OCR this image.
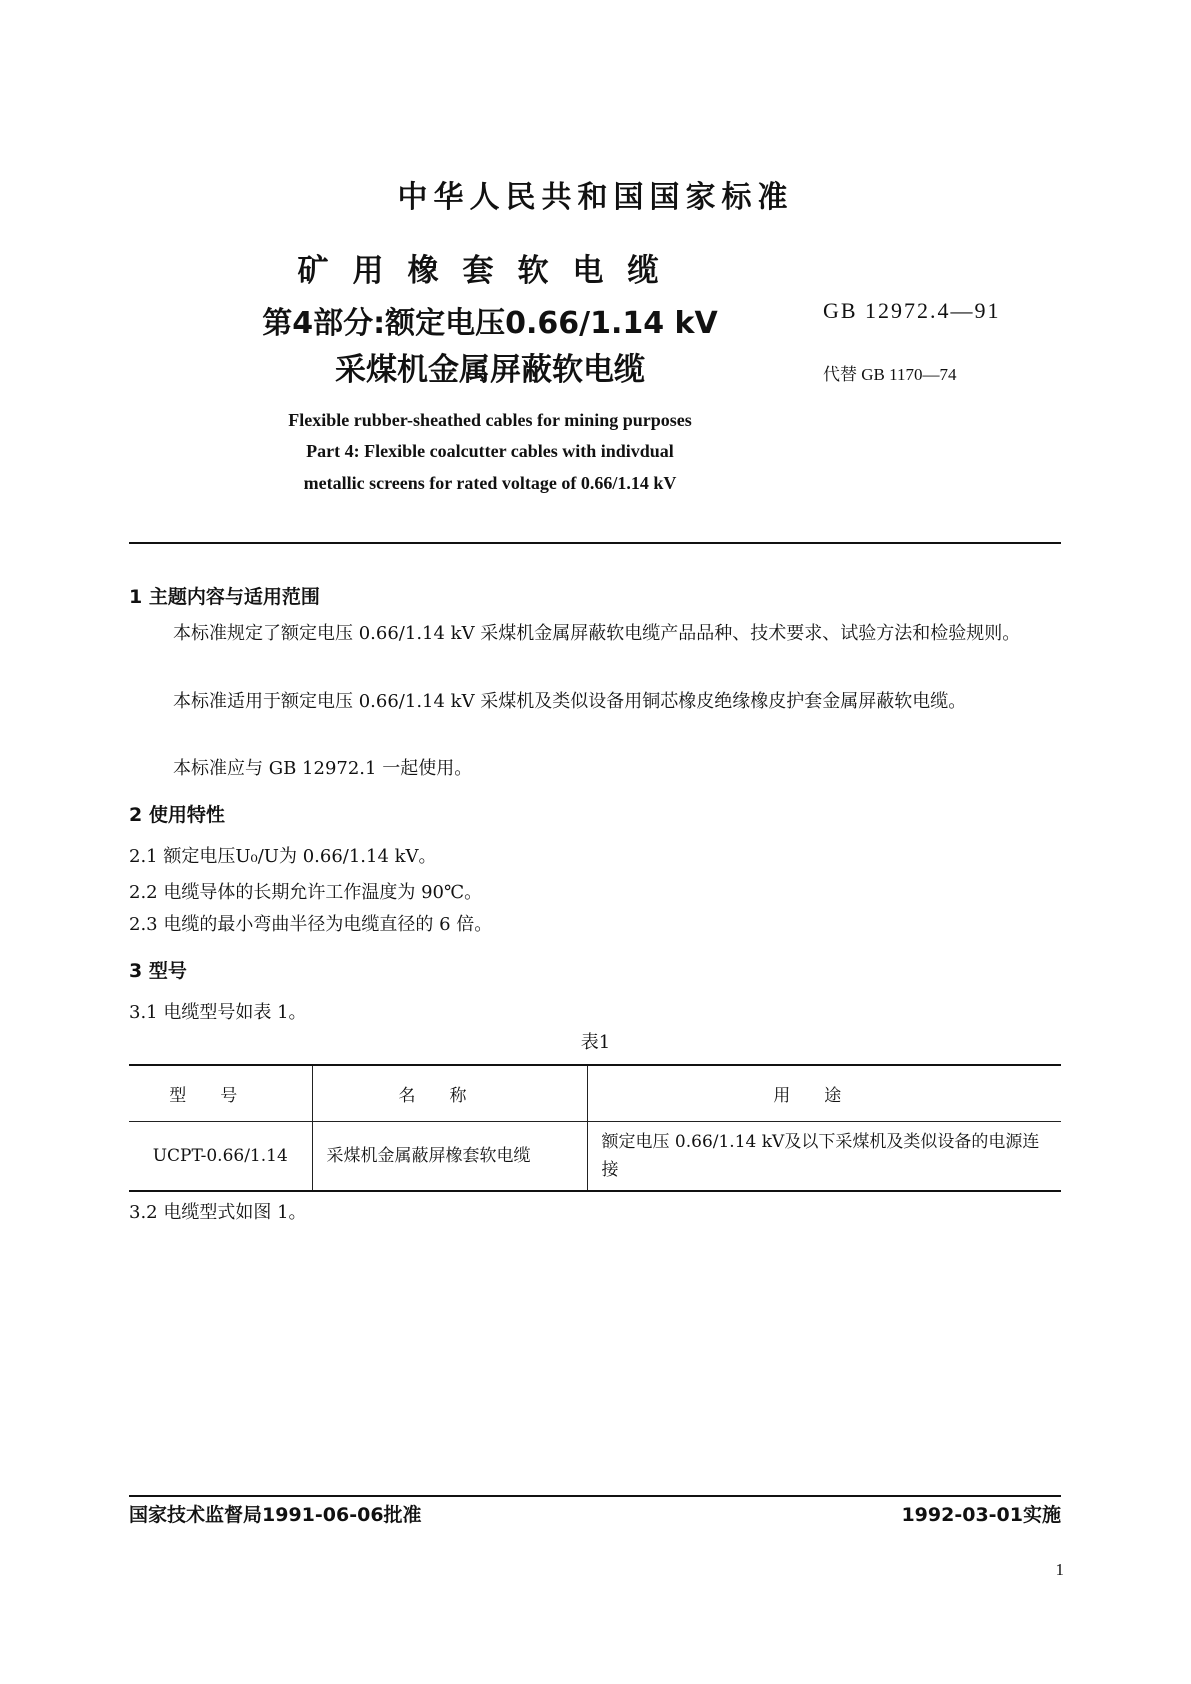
中华人民共和国国家标准
矿用橡套软电缆
第4部分:额定电压0.66/1.14 kV
采煤机金属屏蔽软电缆
GB 12972.4—91
代替 GB 1170—74
Flexible rubber-sheathed cables for mining purposes
Part 4: Flexible coalcutter cables with indivdual
metallic screens for rated voltage of 0.66/1.14 kV
1 主题内容与适用范围
本标准规定了额定电压 0.66/1.14 kV 采煤机金属屏蔽软电缆产品品种、技术要求、试验方法和检验规则。
本标准适用于额定电压 0.66/1.14 kV 采煤机及类似设备用铜芯橡皮绝缘橡皮护套金属屏蔽软电缆。
本标准应与 GB 12972.1 一起使用。
2 使用特性
2.1 额定电压U₀/U为 0.66/1.14 kV。
2.2 电缆导体的长期允许工作温度为 90℃。
2.3 电缆的最小弯曲半径为电缆直径的 6 倍。
3 型号
3.1 电缆型号如表 1。
表1
型号	名称	用途
UCPT-0.66/1.14	采煤机金属蔽屏橡套软电缆	额定电压 0.66/1.14 kV及以下采煤机及类似设备的电源连接
3.2 电缆型式如图 1。
国家技术监督局1991-06-06批准	1992-03-01实施
1
